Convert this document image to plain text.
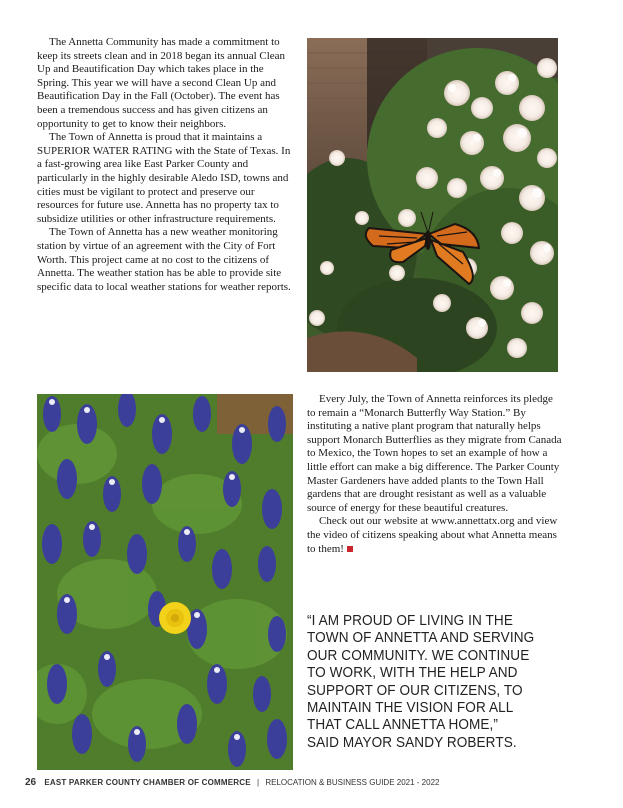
The Annetta Community has made a commitment to keep its streets clean and in 2018 began its annual Clean Up and Beautification Day which takes place in the Spring. This year we will have a second Clean Up and Beautification Day in the Fall (October). The event has been a tremendous success and has given citizens an opportunity to get to know their neighbors.

The Town of Annetta is proud that it maintains a SUPERIOR WATER RATING with the State of Texas. In a fast-growing area like East Parker County and particularly in the highly desirable Aledo ISD, towns and cities must be vigilant to protect and preserve our resources for future use. Annetta has no property tax to subsidize utilities or other infrastructure requirements.

The Town of Annetta has a new weather monitoring station by virtue of an agreement with the City of Fort Worth. This project came at no cost to the citizens of Annetta. The weather station has be able to provide site specific data to local weather stations for weather reports.

Every July, the Town of Annetta reinforces its pledge to remain a “Monarch Butterfly Way Station.” By instituting a native plant program that naturally helps support Monarch Butterflies as they migrate from Canada to Mexico, the Town hopes to set an example of how a little effort can make a big difference. The Parker County Master Gardeners have added plants to the Town Hall gardens that are drought resistant as well as a valuable source of energy for these beautiful creatures.

Check out our website at www.annettatx.org and view the video of citizens speaking about what Annetta means to them!

“I AM PROUD OF LIVING IN THE
TOWN OF ANNETTA AND SERVING
OUR COMMUNITY. WE CONTINUE
TO WORK, WITH THE HELP AND
SUPPORT OF OUR CITIZENS, TO
MAINTAIN THE VISION FOR ALL
THAT CALL ANNETTA HOME,”
SAID MAYOR SANDY ROBERTS.
26 EAST PARKER COUNTY CHAMBER OF COMMERCE | RELOCATION & BUSINESS GUIDE 2021 - 2022
